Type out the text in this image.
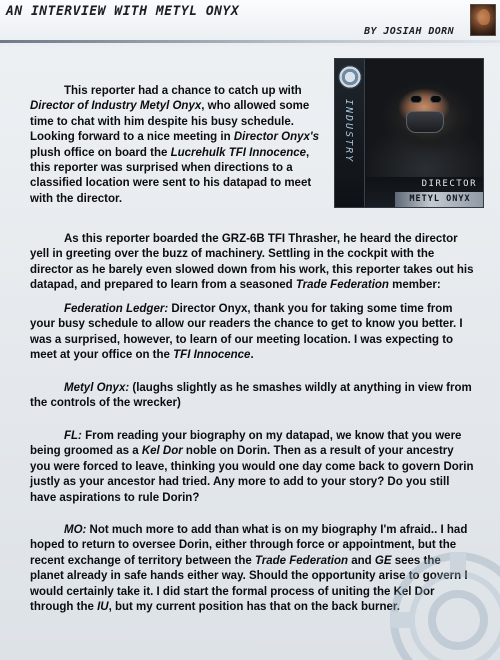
AN INTERVIEW WITH METYL ONYX
BY JOSIAH DORN
INDUSTRY
DIRECTOR
METYL ONYX
This reporter had a chance to catch up with Director of Industry Metyl Onyx, who allowed some time to chat with him despite his busy schedule. Looking forward to a nice meeting in Director Onyx's plush office on board the Lucrehulk TFI Innocence, this reporter was surprised when directions to a classified location were sent to his datapad to meet with the director.
As this reporter boarded the GRZ-6B TFI Thrasher, he heard the director yell in greeting over the buzz of machinery. Settling in the cockpit with the director as he barely even slowed down from his work, this reporter takes out his datapad, and prepared to learn from a seasoned Trade Federation member:
Federation Ledger: Director Onyx, thank you for taking some time from your busy schedule to allow our readers the chance to get to know you better. I was a surprised, however, to learn of our meeting location. I was expecting to meet at your office on the TFI Innocence.
Metyl Onyx: (laughs slightly as he smashes wildly at anything in view from the controls of the wrecker)
FL: From reading your biography on my datapad, we know that you were being groomed as a Kel Dor noble on Dorin. Then as a result of your ancestry you were forced to leave, thinking you would one day come back to govern Dorin justly as your ancestor had tried. Any more to add to your story? Do you still have aspirations to rule Dorin?
MO: Not much more to add than what is on my biography I'm afraid.. I had hoped to return to oversee Dorin, either through force or appointment, but the recent exchange of territory between the Trade Federation and GE sees the planet already in safe hands either way. Should the opportunity arise to govern I would certainly take it. I did start the formal process of uniting the Kel Dor through the IU, but my current position has that on the back burner.
